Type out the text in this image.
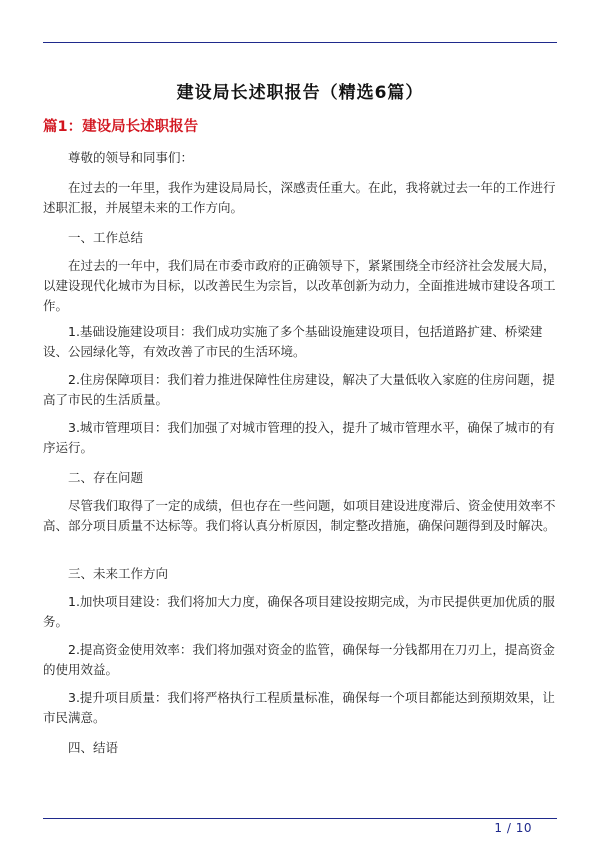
建设局长述职报告（精选6篇）
篇1：建设局长述职报告

尊敬的领导和同事们：

在过去的一年里，我作为建设局局长，深感责任重大。在此，我将就过去一年的工作进行述职汇报，并展望未来的工作方向。

一、工作总结

在过去的一年中，我们局在市委市政府的正确领导下，紧紧围绕全市经济社会发展大局，以建设现代化城市为目标，以改善民生为宗旨，以改革创新为动力，全面推进城市建设各项工作。

1.基础设施建设项目：我们成功实施了多个基础设施建设项目，包括道路扩建、桥梁建设、公园绿化等，有效改善了市民的生活环境。

2.住房保障项目：我们着力推进保障性住房建设，解决了大量低收入家庭的住房问题，提高了市民的生活质量。

3.城市管理项目：我们加强了对城市管理的投入，提升了城市管理水平，确保了城市的有序运行。

二、存在问题

尽管我们取得了一定的成绩，但也存在一些问题，如项目建设进度滞后、资金使用效率不高、部分项目质量不达标等。我们将认真分析原因，制定整改措施，确保问题得到及时解决。

三、未来工作方向

1.加快项目建设：我们将加大力度，确保各项目建设按期完成，为市民提供更加优质的服务。

2.提高资金使用效率：我们将加强对资金的监管，确保每一分钱都用在刀刃上，提高资金的使用效益。

3.提升项目质量：我们将严格执行工程质量标准，确保每一个项目都能达到预期效果，让市民满意。

四、结语

1 / 10
